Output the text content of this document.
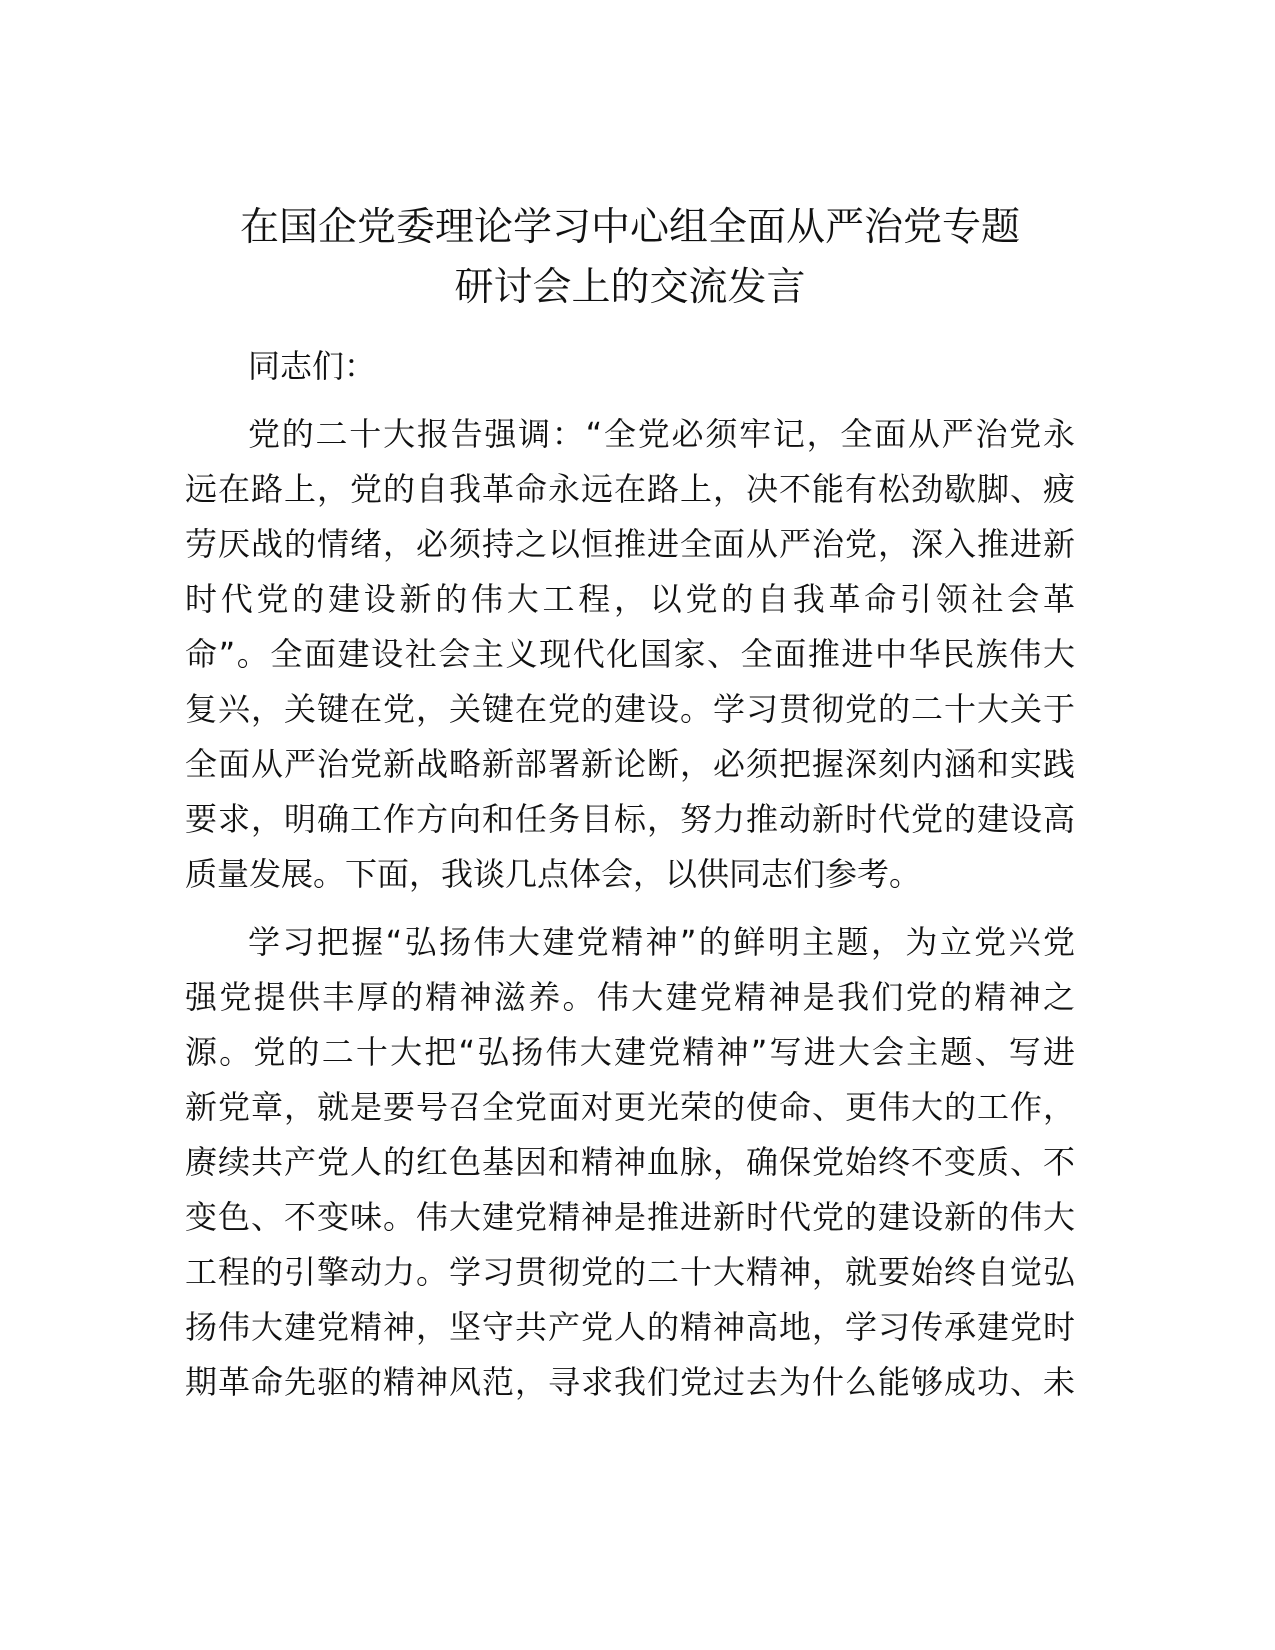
在国企党委理论学习中心组全面从严治党专题
研讨会上的交流发言
同志们：
党的二十大报告强调：“全党必须牢记，全面从严治党永
远在路上，党的自我革命永远在路上，决不能有松劲歇脚、疲
劳厌战的情绪，必须持之以恒推进全面从严治党，深入推进新
时代党的建设新的伟大工程，以党的自我革命引领社会革
命”。全面建设社会主义现代化国家、全面推进中华民族伟大
复兴，关键在党，关键在党的建设。学习贯彻党的二十大关于
全面从严治党新战略新部署新论断，必须把握深刻内涵和实践
要求，明确工作方向和任务目标，努力推动新时代党的建设高
质量发展。下面，我谈几点体会，以供同志们参考。
学习把握“弘扬伟大建党精神”的鲜明主题，为立党兴党
强党提供丰厚的精神滋养。伟大建党精神是我们党的精神之
源。党的二十大把“弘扬伟大建党精神”写进大会主题、写进
新党章，就是要号召全党面对更光荣的使命、更伟大的工作，
赓续共产党人的红色基因和精神血脉，确保党始终不变质、不
变色、不变味。伟大建党精神是推进新时代党的建设新的伟大
工程的引擎动力。学习贯彻党的二十大精神，就要始终自觉弘
扬伟大建党精神，坚守共产党人的精神高地，学习传承建党时
期革命先驱的精神风范，寻求我们党过去为什么能够成功、未
